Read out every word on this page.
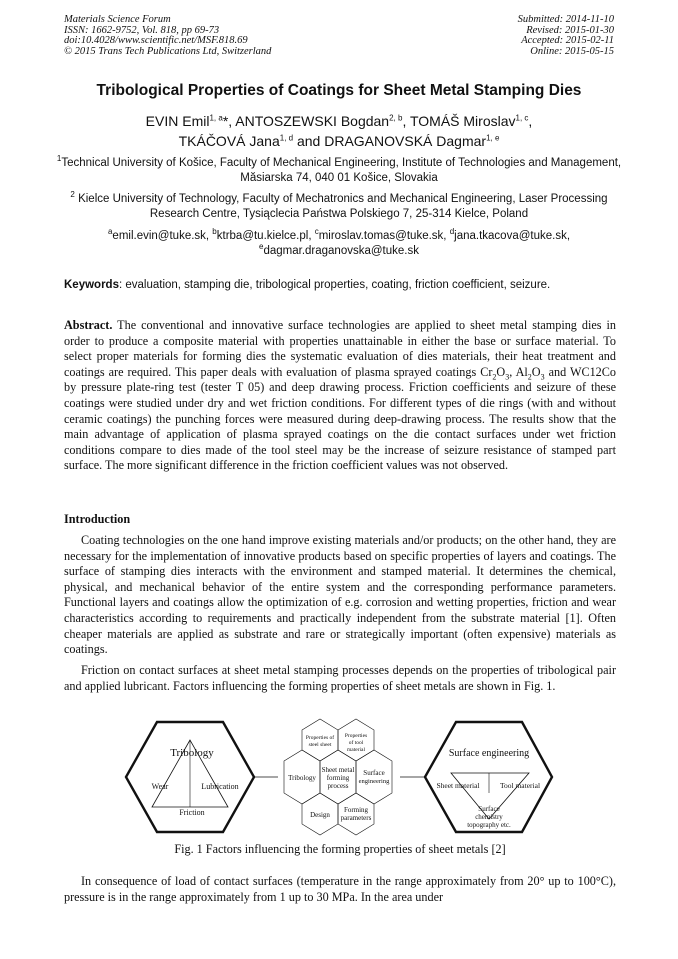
Materials Science Forum
ISSN: 1662-9752, Vol. 818, pp 69-73
doi:10.4028/www.scientific.net/MSF.818.69
© 2015 Trans Tech Publications Ltd, Switzerland
Submitted: 2014-11-10
Revised: 2015-01-30
Accepted: 2015-02-11
Online: 2015-05-15
Tribological Properties of Coatings for Sheet Metal Stamping Dies
EVIN Emil$^{1, a}$*, ANTOSZEWSKI Bogdan$^{2, b}$, TOMÁŠ Miroslav$^{1, c}$,
TKÁČOVÁ Jana$^{1, d}$ and DRAGANOVSKÁ Dagmar$^{1, e}$
$^1$Technical University of Košice, Faculty of Mechanical Engineering, Institute of Technologies and Management, Măsiarska 74, 040 01 Košice, Slovakia
$^2$ Kielce University of Technology, Faculty of Mechatronics and Mechanical Engineering, Laser Processing Research Centre, Tysiąclecia Państwa Polskiego 7, 25-314 Kielce, Poland
$^a$emil.evin@tuke.sk, $^b$ktrba@tu.kielce.pl, $^c$miroslav.tomas@tuke.sk, $^d$jana.tkacova@tuke.sk,
$^e$dagmar.draganovska@tuke.sk
Keywords: evaluation, stamping die, tribological properties, coating, friction coefficient, seizure.
Abstract. The conventional and innovative surface technologies are applied to sheet metal stamping dies in order to produce a composite material with properties unattainable in either the base or surface material. To select proper materials for forming dies the systematic evaluation of dies materials, their heat treatment and coatings are required. This paper deals with evaluation of plasma sprayed coatings $Cr_2O_3$, $Al_2O_3$ and WC12Co by pressure plate-ring test (tester T 05) and deep drawing process. Friction coefficients and seizure of these coatings were studied under dry and wet friction conditions. For different types of die rings (with and without ceramic coatings) the punching forces were measured during deep-drawing process. The results show that the main advantage of application of plasma sprayed coatings on the die contact surfaces under wet friction conditions compare to dies made of the tool steel may be the increase of seizure resistance of stamped part surface. The more significant difference in the friction coefficient values was not observed.
Introduction
Coating technologies on the one hand improve existing materials and/or products; on the other hand, they are necessary for the implementation of innovative products based on specific properties of layers and coatings. The surface of stamping dies interacts with the environment and stamped material. It determines the chemical, physical, and mechanical behavior of the entire system and the corresponding performance parameters. Functional layers and coatings allow the optimization of e.g. corrosion and wetting properties, friction and wear characteristics according to requirements and practically independent from the substrate material [1]. Often cheaper materials are applied as substrate and rare or strategically important (often expensive) materials as coatings.
Friction on contact surfaces at sheet metal stamping processes depends on the properties of tribological pair and applied lubricant. Factors influencing the forming properties of sheet metals are shown in Fig. 1.
Tribology
Wear	Lubrication
Friction
Surface engineering
Sheet material	Tool material
Surface
chemistry
topography etc.
Properties of
steel sheet
Properties
of tool
material
Tribology
Sheet metal
forming
process
Surface
engineering
Design
Forming
parameters
Fig. 1 Factors influencing the forming properties of sheet metals [2]
In consequence of load of contact surfaces (temperature in the range approximately from 20° up to 100°C), pressure is in the range approximately from 1 up to 30 MPa. In the area under
